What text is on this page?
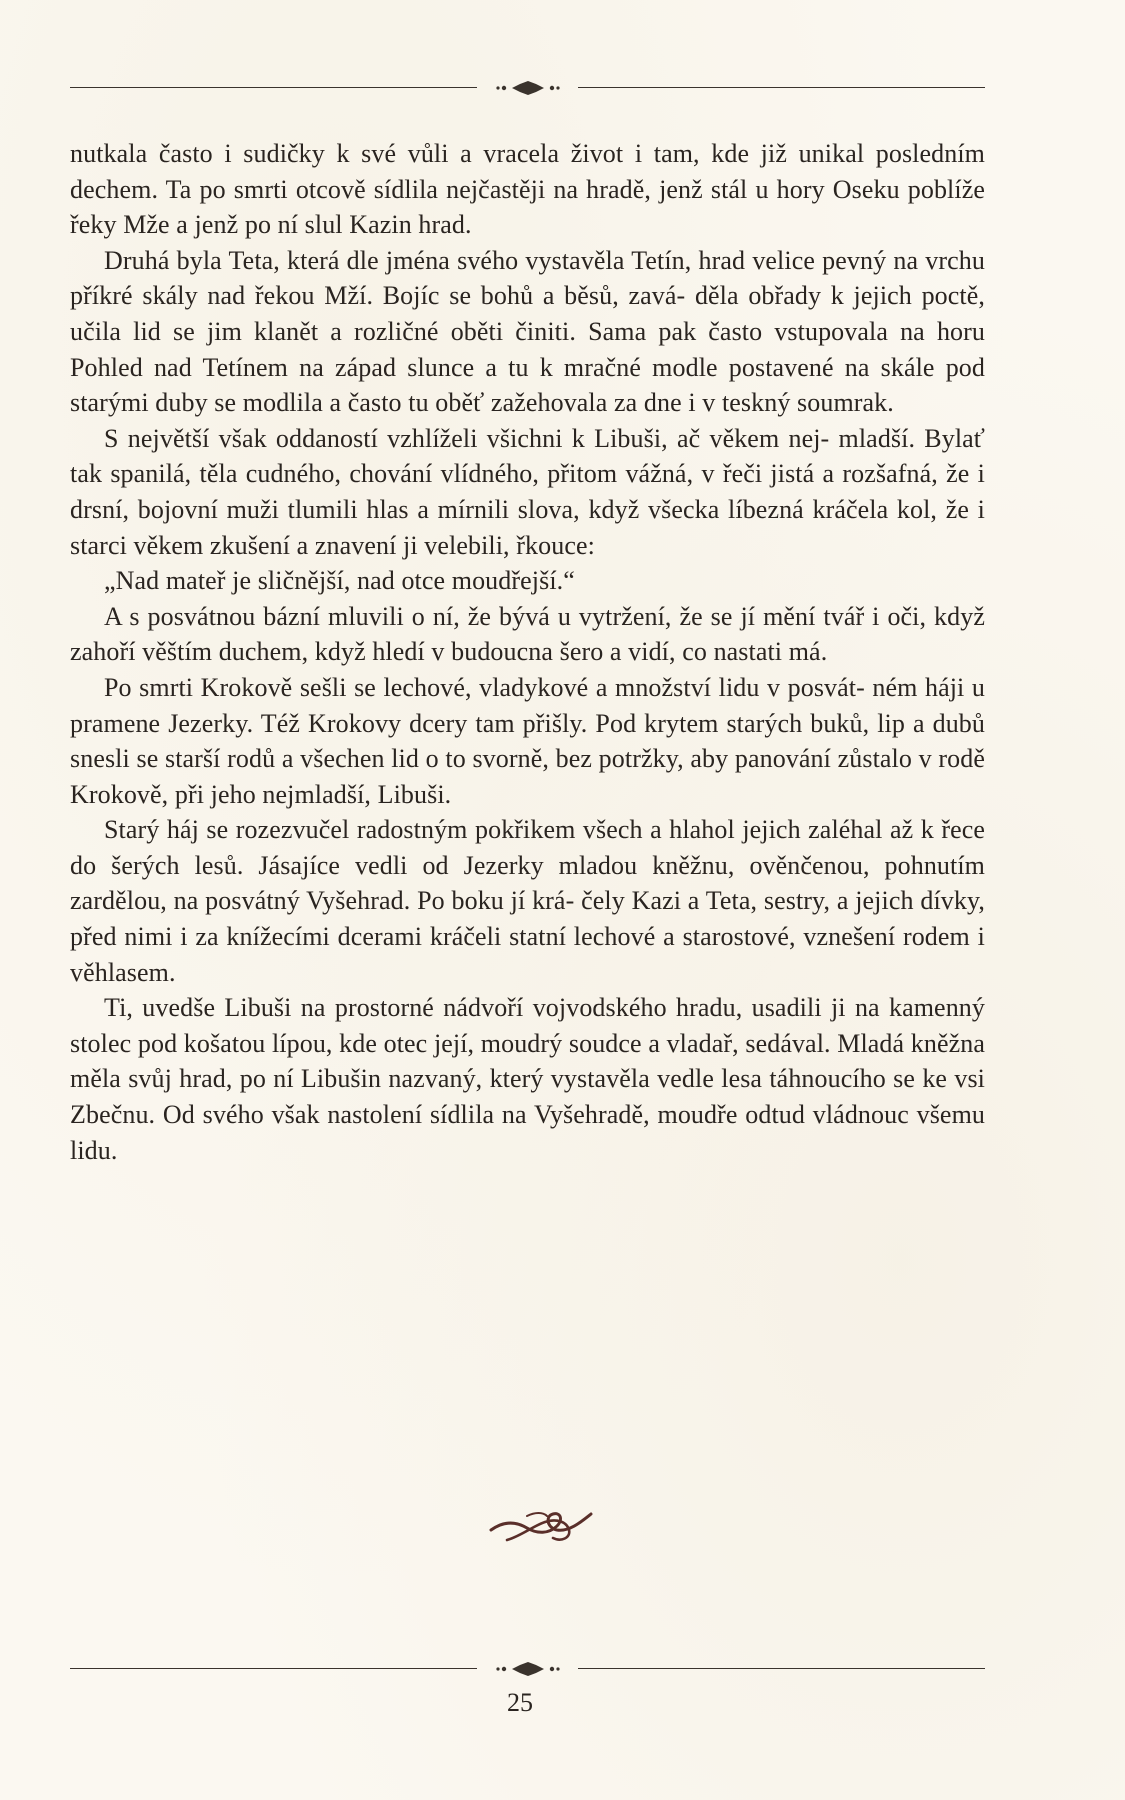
nutkala často i sudičky k své vůli a vracela život i tam, kde již unikal posledním dechem. Ta po smrti otcově sídlila nejčastěji na hradě, jenž stál u hory Oseku poblíže řeky Mže a jenž po ní slul Kazin hrad.

Druhá byla Teta, která dle jména svého vystavěla Tetín, hrad velice pevný na vrchu příkré skály nad řekou Mží. Bojíc se bohů a běsů, zavá- děla obřady k jejich poctě, učila lid se jim klanět a rozličné oběti činiti. Sama pak často vstupovala na horu Pohled nad Tetínem na západ slunce a tu k mračné modle postavené na skále pod starými duby se modlila a často tu oběť zažehovala za dne i v teskný soumrak.

S největší však oddaností vzhlíželi všichni k Libuši, ač věkem nej- mladší. Bylať tak spanilá, těla cudného, chování vlídného, přitom vážná, v řeči jistá a rozšafná, že i drsní, bojovní muži tlumili hlas a mírnili slova, když všecka líbezná kráčela kol, že i starci věkem zkušení a znavení ji velebili, řkouce:

„Nad mateř je sličnější, nad otce moudřejší.“

A s posvátnou bázní mluvili o ní, že bývá u vytržení, že se jí mění tvář i oči, když zahoří věštím duchem, když hledí v budoucna šero a vidí, co nastati má.

Po smrti Krokově sešli se lechové, vladykové a množství lidu v posvát- ném háji u pramene Jezerky. Též Krokovy dcery tam přišly. Pod krytem starých buků, lip a dubů snesli se starší rodů a všechen lid o to svorně, bez potržky, aby panování zůstalo v rodě Krokově, při jeho nejmladší, Libuši.

Starý háj se rozezvučel radostným pokřikem všech a hlahol jejich zaléhal až k řece do šerých lesů. Jásajíce vedli od Jezerky mladou kněžnu, ověnčenou, pohnutím zardělou, na posvátný Vyšehrad. Po boku jí krá- čely Kazi a Teta, sestry, a jejich dívky, před nimi i za knížecími dcerami kráčeli statní lechové a starostové, vznešení rodem i věhlasem.

Ti, uvedše Libuši na prostorné nádvoří vojvodského hradu, usadili ji na kamenný stolec pod košatou lípou, kde otec její, moudrý soudce a vladař, sedával. Mladá kněžna měla svůj hrad, po ní Libušin nazvaný, který vystavěla vedle lesa táhnoucího se ke vsi Zbečnu. Od svého však nastolení sídlila na Vyšehradě, moudře odtud vládnouc všemu lidu.

25
